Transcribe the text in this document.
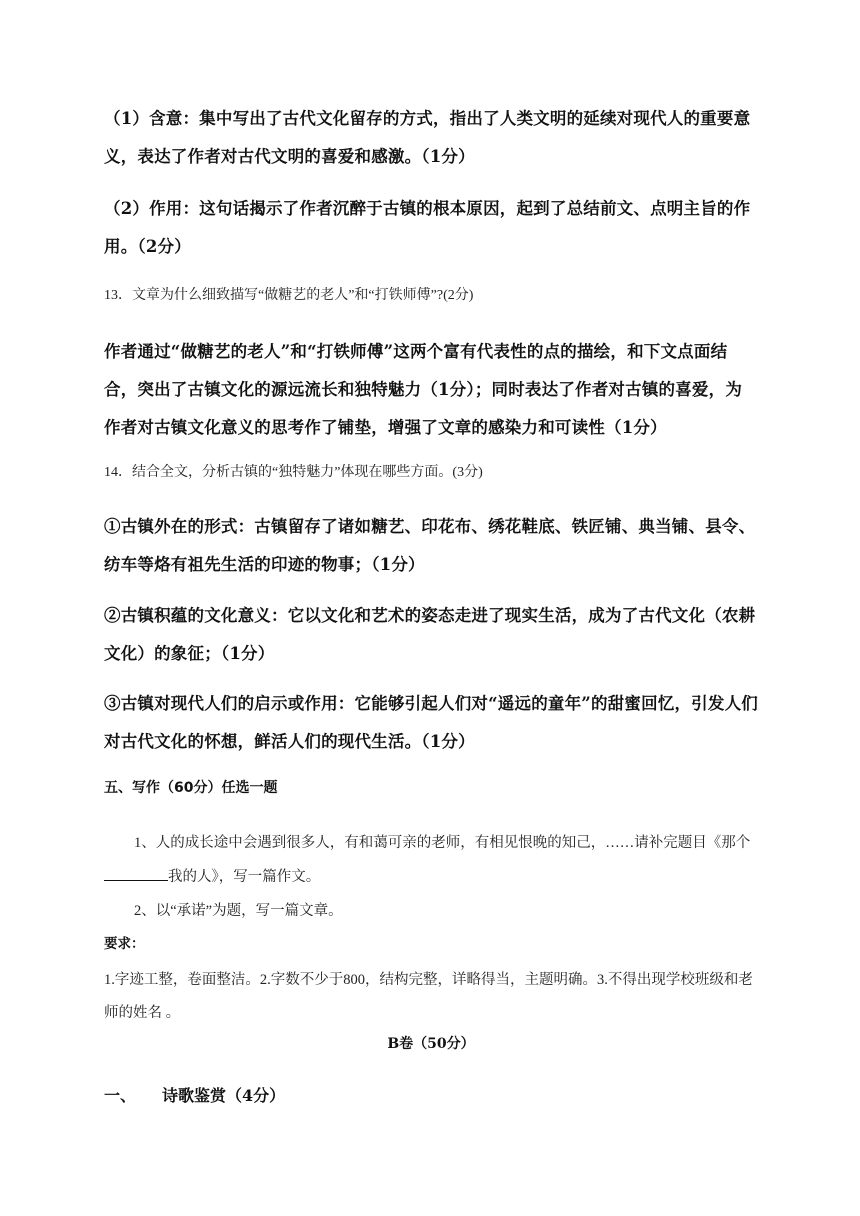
（1）含意：集中写出了古代文化留存的方式，指出了人类文明的延续对现代人的重要意义，表达了作者对古代文明的喜爱和感激。（1分）
（2）作用：这句话揭示了作者沉醉于古镇的根本原因，起到了总结前文、点明主旨的作用。（2分）
13．文章为什么细致描写“做糖艺的老人”和“打铁师傅”?(2分)
作者通过“做糖艺的老人”和“打铁师傅”这两个富有代表性的点的描绘，和下文点面结合，突出了古镇文化的源远流长和独特魅力（1分）；同时表达了作者对古镇的喜爱，为作者对古镇文化意义的思考作了铺垫，增强了文章的感染力和可读性（1分）
14．结合全文，分析古镇的“独特魅力”体现在哪些方面。(3分)
①古镇外在的形式：古镇留存了诸如糖艺、印花布、绣花鞋底、铁匠铺、典当铺、县令、纺车等烙有祖先生活的印迹的物事；（1分）
②古镇积蕴的文化意义：它以文化和艺术的姿态走进了现实生活，成为了古代文化（农耕文化）的象征；（1分）
③古镇对现代人们的启示或作用：它能够引起人们对“遥远的童年”的甜蜜回忆，引发人们对古代文化的怀想，鲜活人们的现代生活。（1分）
五、写作（60分）任选一题
1、人的成长途中会遇到很多人，有和蔼可亲的老师，有相见恨晚的知己，……请补完题目《那个我的人》，写一篇作文。
2、以“承诺”为题，写一篇文章。
要求：
1.字迹工整，卷面整洁。2.字数不少于800，结构完整，详略得当，主题明确。3.不得出现学校班级和老师的姓名 。
B卷（50分）
一、 诗歌鉴赏（4分）
